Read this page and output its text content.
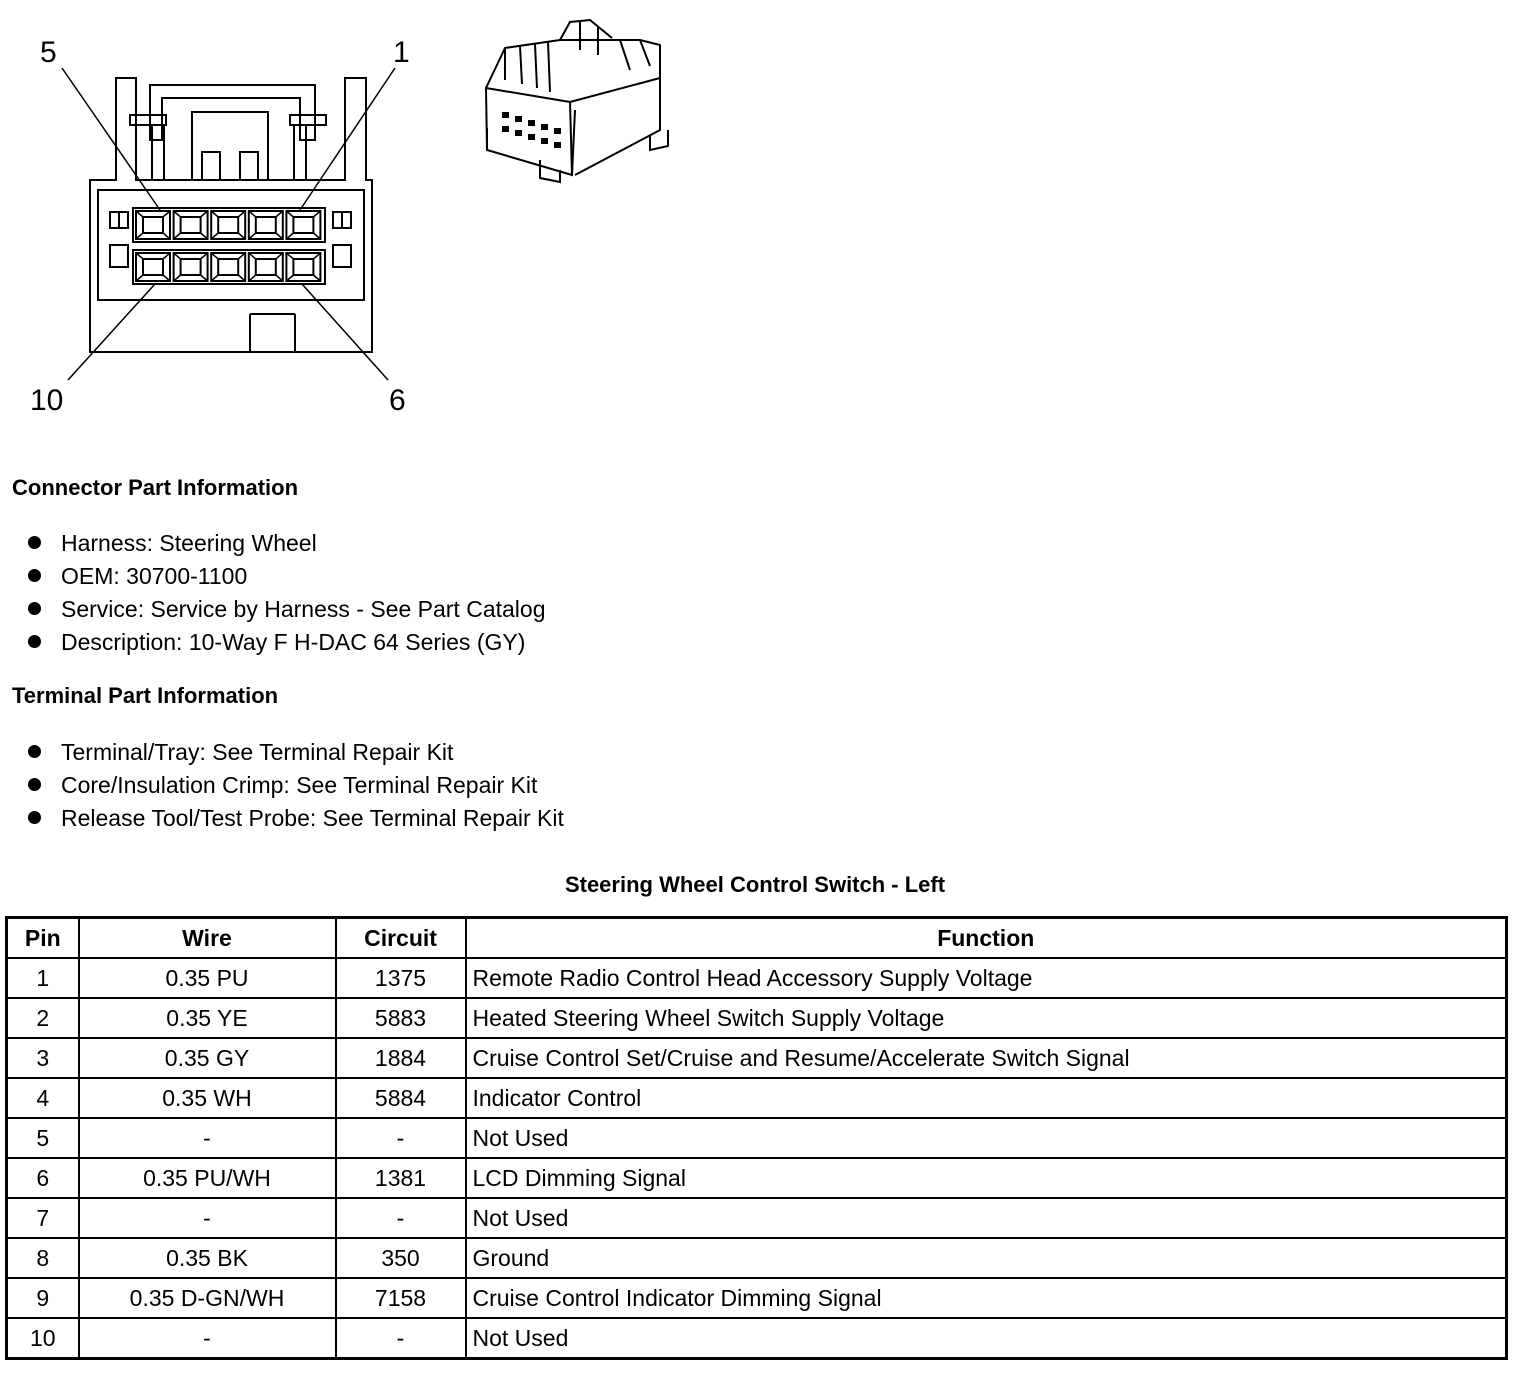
5	1
10	6
Connector Part Information
Harness: Steering Wheel
OEM: 30700-1100
Service: Service by Harness - See Part Catalog
Description: 10-Way F H-DAC 64 Series (GY)
Terminal Part Information
Terminal/Tray: See Terminal Repair Kit
Core/Insulation Crimp: See Terminal Repair Kit
Release Tool/Test Probe: See Terminal Repair Kit
Steering Wheel Control Switch - Left
Pin	Wire	Circuit	Function
1	0.35 PU	1375	Remote Radio Control Head Accessory Supply Voltage
2	0.35 YE	5883	Heated Steering Wheel Switch Supply Voltage
3	0.35 GY	1884	Cruise Control Set/Cruise and Resume/Accelerate Switch Signal
4	0.35 WH	5884	Indicator Control
5	-	-	Not Used
6	0.35 PU/WH	1381	LCD Dimming Signal
7	-	-	Not Used
8	0.35 BK	350	Ground
9	0.35 D-GN/WH	7158	Cruise Control Indicator Dimming Signal
10	-	-	Not Used
